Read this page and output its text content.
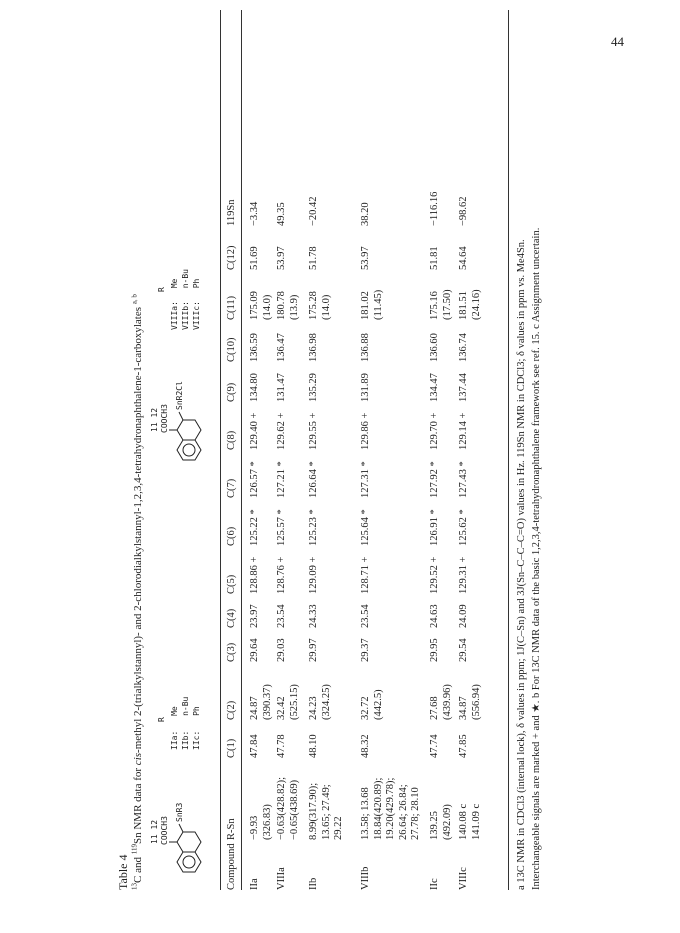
44
Table 4 $^{13}$C and $^{119}$Sn NMR data for cis-methyl 2-(trialkylstannyl)- and 2-chlorodialkylstannyl-1,2,3,4-tetrahydronaphthalene-1-carboxylates $^{a, b}$
11 12 COOCH3
SnR3
R
IIa: Me
IIb: n-Bu
IIc: Ph
11 12 COOCH3
SnR2Cl
R
VIIIa: Me
VIIIb: n-Bu
VIIIc: Ph
Compound
R-Sn
C(1)
C(2)
C(3)
C(4)
C(5)
C(6)
C(7)
C(8)
C(9)
C(10)
C(11)
C(12)
119Sn
IIa
−9.93
(326.83)
47.84
24.87
(390.37)
29.64
23.97
128.86 +
125.22 *
126.57 *
129.40 +
134.80
136.59
175.09
(14.0)
51.69
−3.34
VIIIa
−0.63(428.82);
−0.65(438.69)
47.78
32.42
(525.15)
29.03
23.54
128.76 +
125.57 *
127.21 *
129.62 +
131.47
136.47
180.78
(13.9)
53.97
49.35
IIb
8.99(317.90);
13.65; 27.49;
29.22
48.10
24.23
(324.25)
29.97
24.33
129.09 +
125.23 *
126.64 *
129.55 +
135.29
136.98
175.28
(14.0)
51.78
−20.42
VIIIb
13.58; 13.68
18.84(420.89);
19.20(429.78);
26.64; 26.84;
27.78; 28.10
48.32
32.72
(442.5)
29.37
23.54
128.71 +
125.64 *
127.31 *
129.86 +
131.89
136.88
181.02
(11.45)
53.97
38.20
IIc
139.25
(492.09)
47.74
27.68
(439.96)
29.95
24.63
129.52 +
126.91 *
127.92 *
129.70 +
134.47
136.60
175.16
(17.50)
51.81
−116.16
VIIIc
140.08 c
141.09 c
47.85
34.87
(556.94)
29.54
24.09
129.31 +
125.62 *
127.43 *
129.14 +
137.44
136.74
181.51
(24.16)
54.64
−98.62
a 13C NMR in CDCl3 (internal lock), δ values in ppm; 1J(C–Sn) and 3J(Sn–C–C–C=O) values in Hz. 119Sn NMR in CDCl3; δ values in ppm vs. Me4Sn. Interchangeable signals are marked + and ★. b For 13C NMR data of the basic 1,2,3,4-tetrahydronaphthalene framework see ref. 15. c Assignment uncertain.
